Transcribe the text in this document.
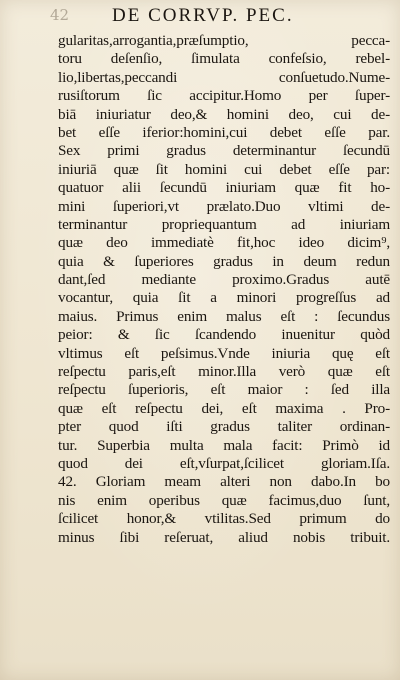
42 DE CORRVP. PEC.
gularitas,arrogantia,præſumptio, pecca-
toru deſenſio, ſimulata confeſsio, rebel-
lio,libertas,peccandi conſuetudo.Nume-
rusiſtorum ſic accipitur.Homo per ſuper-
biā iniuriatur deo,& homini deo, cui de-
bet eſſe iferior:homini,cui debet eſſe par.
Sex primi gradus determinantur ſecundū
iniuriā quæ ſit homini cui debet eſſe par:
quatuor alii ſecundū iniuriam quæ fit ho-
mini ſuperiori,vt prælato.Duo vltimi de-
terminantur propriequantum ad iniuriam
quæ deo immediatè fit,hoc ideo dicim⁹,
quia & ſuperiores gradus in deum redun
dant,ſed mediante proximo.Gradus autē
vocantur, quia ſit a minori progreſſus ad
maius. Primus enim malus eſt : ſecundus
peior: & ſic ſcandendo inuenitur quòd
vltimus eſt peſsimus.Vnde iniuria quę eſt
reſpectu paris,eſt minor.Illa verò quæ eſt
reſpectu ſuperioris, eſt maior : ſed illa
quæ eſt reſpectu dei, eſt maxima . Pro-
pter quod iſti gradus taliter ordinan-
tur. Superbia multa mala facit: Primò id
quod dei eſt,vſurpat,ſcilicet gloriam.Iſa.
42. Gloriam meam alteri non dabo.In bo
nis enim operibus quæ facimus,duo ſunt,
ſcilicet honor,& vtilitas.Sed primum do
minus ſibi reſeruat, aliud nobis tribuit.
